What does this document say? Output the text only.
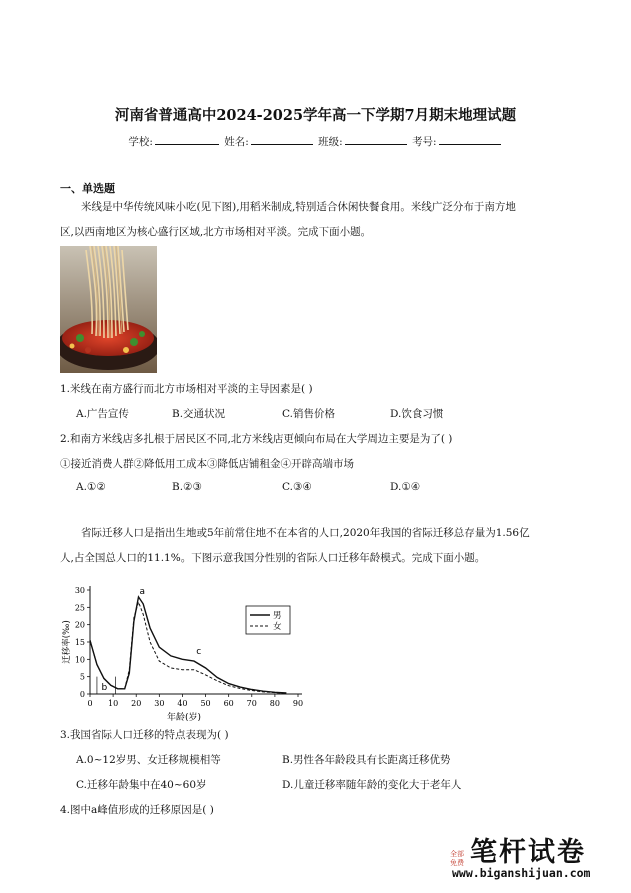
河南省普通高中2024-2025学年高一下学期7月期末地理试题
学校:	姓名:	班级:	考号:
一、单选题
米线是中华传统风味小吃(见下图),用稻米制成,特别适合休闲快餐食用。米线广泛分布于南方地
区,以西南地区为核心盛行区域,北方市场相对平淡。完成下面小题。
1.米线在南方盛行而北方市场相对平淡的主导因素是( )
A.广告宣传	B.交通状况	C.销售价格	D.饮食习惯
2.和南方米线店多扎根于居民区不同,北方米线店更倾向布局在大学周边主要是为了( )
①接近消费人群②降低用工成本③降低店铺租金④开辟高端市场
A.①②	B.②③	C.③④	D.①④
省际迁移人口是指出生地或5年前常住地不在本省的人口,2020年我国的省际迁移总存量为1.56亿
人,占全国总人口的11.1%。下图示意我国分性别的省际人口迁移年龄模式。完成下面小题。
0 10 20 30 40 50 60 70 80 90
0
5
10
15
20
25
30
迁移率(‰)
年龄(岁)
a
b
c
男
女
3.我国省际人口迁移的特点表现为( )
A.0~12岁男、女迁移规模相等	B.男性各年龄段具有长距离迁移优势
C.迁移年龄集中在40~60岁	D.儿童迁移率随年龄的变化大于老年人
4.图中a峰值形成的迁移原因是( )
全部免费 笔杆试卷
www.biganshijuan.com
